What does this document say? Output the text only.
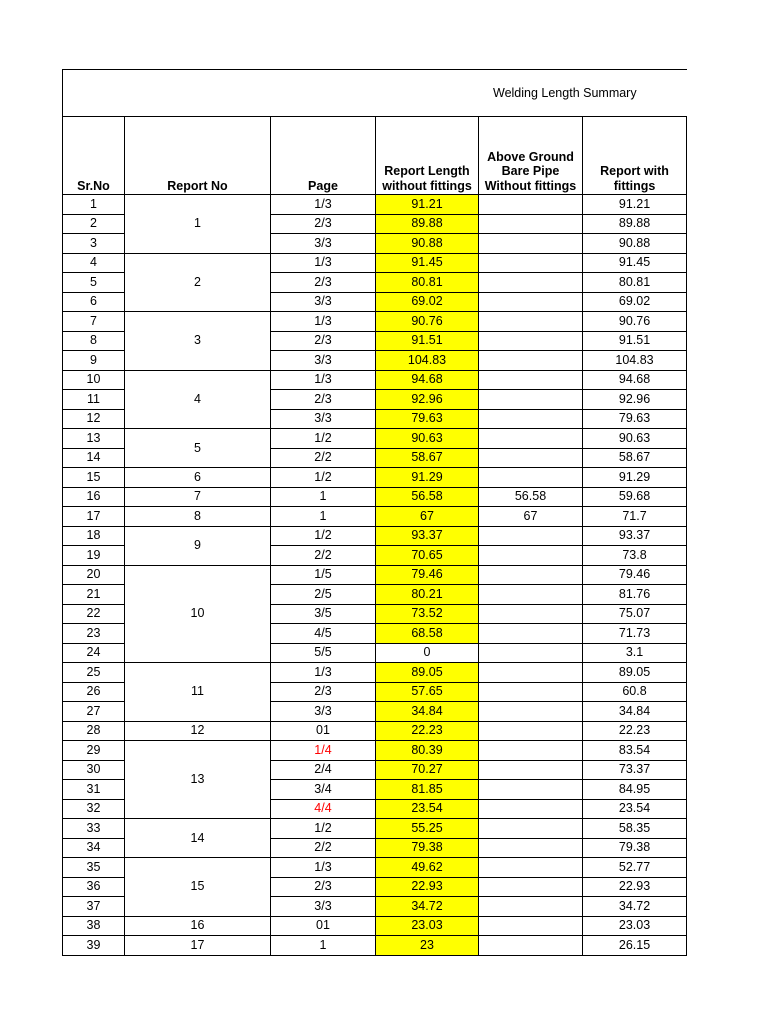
Welding Length Summary					
Sr.No	Report No	Page	Report Length without fittings	Above Ground Bare Pipe Without fittings	Report with fittings
1	1	1/3	91.21		91.21
2		2/3	89.88		89.88
3		3/3	90.88		90.88
4	2	1/3	91.45		91.45
5		2/3	80.81		80.81
6		3/3	69.02		69.02
7	3	1/3	90.76		90.76
8		2/3	91.51		91.51
9		3/3	104.83		104.83
10	4	1/3	94.68		94.68
11		2/3	92.96		92.96
12		3/3	79.63		79.63
13	5	1/2	90.63		90.63
14		2/2	58.67		58.67
15	6	1/2	91.29		91.29
16	7	1	56.58	56.58	59.68
17	8	1	67	67	71.7
18	9	1/2	93.37		93.37
19		2/2	70.65		73.8
20	10	1/5	79.46		79.46
21		2/5	80.21		81.76
22		3/5	73.52		75.07
23		4/5	68.58		71.73
24		5/5	0		3.1
25	11	1/3	89.05		89.05
26		2/3	57.65		60.8
27		3/3	34.84		34.84
28	12	01	22.23		22.23
29	13	1/4	80.39		83.54
30		2/4	70.27		73.37
31		3/4	81.85		84.95
32		4/4	23.54		23.54
33	14	1/2	55.25		58.35
34		2/2	79.38		79.38
35	15	1/3	49.62		52.77
36		2/3	22.93		22.93
37		3/3	34.72		34.72
38	16	01	23.03		23.03
39	17	1	23		26.15
